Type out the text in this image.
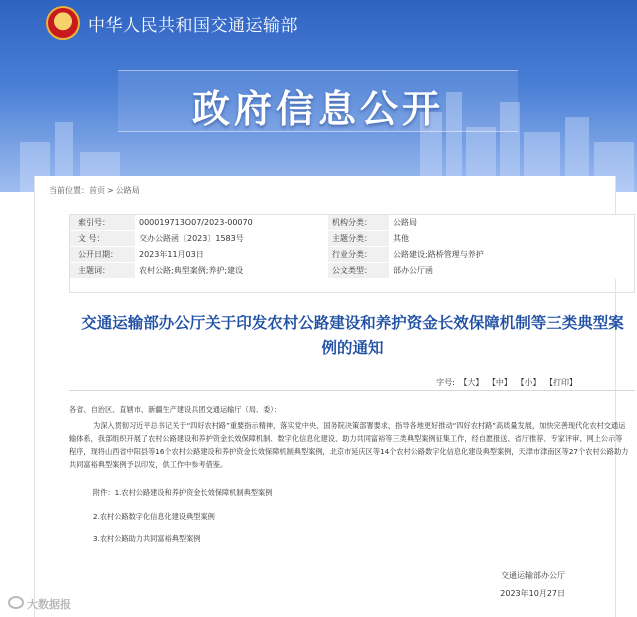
中华人民共和国交通运输部
政府信息公开
当前位置：首页 > 公路局
索引号：	000019713O07/2023-00070	机构分类：	公路局
文 号：	交办公路函〔2023〕1583号	主题分类：	其他
公开日期：	2023年11月03日	行业分类：	公路建设;路桥管理与养护
主题词：	农村公路;典型案例;养护;建设	公文类型：	部办公厅函
交通运输部办公厅关于印发农村公路建设和养护资金长效保障机制等三类典型案例的通知
字号: 【大】 【中】 【小】 【打印】
各省、自治区、直辖市、新疆生产建设兵团交通运输厅（局、委）：
为深入贯彻习近平总书记关于“四好农村路”重要指示精神，落实党中央、国务院决策部署要求，指导各地更好推动“四好农村路”高质量发展，加快完善现代化农村交通运输体系，我部组织开展了农村公路建设和养护资金长效保障机制、数字化信息化建设、助力共同富裕等三类典型案例征集工作，经自愿报送、省厅推荐、专家评审、网上公示等程序，现将山西省中阳县等16个农村公路建设和养护资金长效保障机制典型案例，北京市延庆区等14个农村公路数字化信息化建设典型案例，天津市津南区等27个农村公路助力共同富裕典型案例予以印发，供工作中参考借鉴。
附件：1.农村公路建设和养护资金长效保障机制典型案例
2.农村公路数字化信息化建设典型案例
3.农村公路助力共同富裕典型案例
交通运输部办公厅
2023年10月27日
大数据报
